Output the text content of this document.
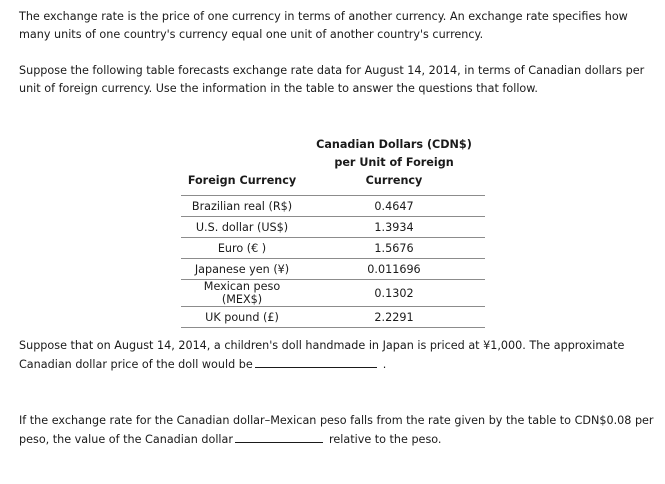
The exchange rate is the price of one currency in terms of another currency. An exchange rate specifies how many units of one country's currency equal one unit of another country's currency.

Suppose the following table forecasts exchange rate data for August 14, 2014, in terms of Canadian dollars per unit of foreign currency. Use the information in the table to answer the questions that follow.

Foreign Currency	Canadian Dollars (CDN$)
per Unit of Foreign Currency
Brazilian real (R$)	0.4647
U.S. dollar (US$)	1.3934
Euro (€ )	1.5676
Japanese yen (¥)	0.011696
Mexican peso (MEX$)	0.1302
UK pound (£)	2.2291

Suppose that on August 14, 2014, a children's doll handmade in Japan is priced at ¥1,000. The approximate Canadian dollar price of the doll would be	.

If the exchange rate for the Canadian dollar–Mexican peso falls from the rate given by the table to CDN$0.08 per peso, the value of the Canadian dollar	relative to the peso.
